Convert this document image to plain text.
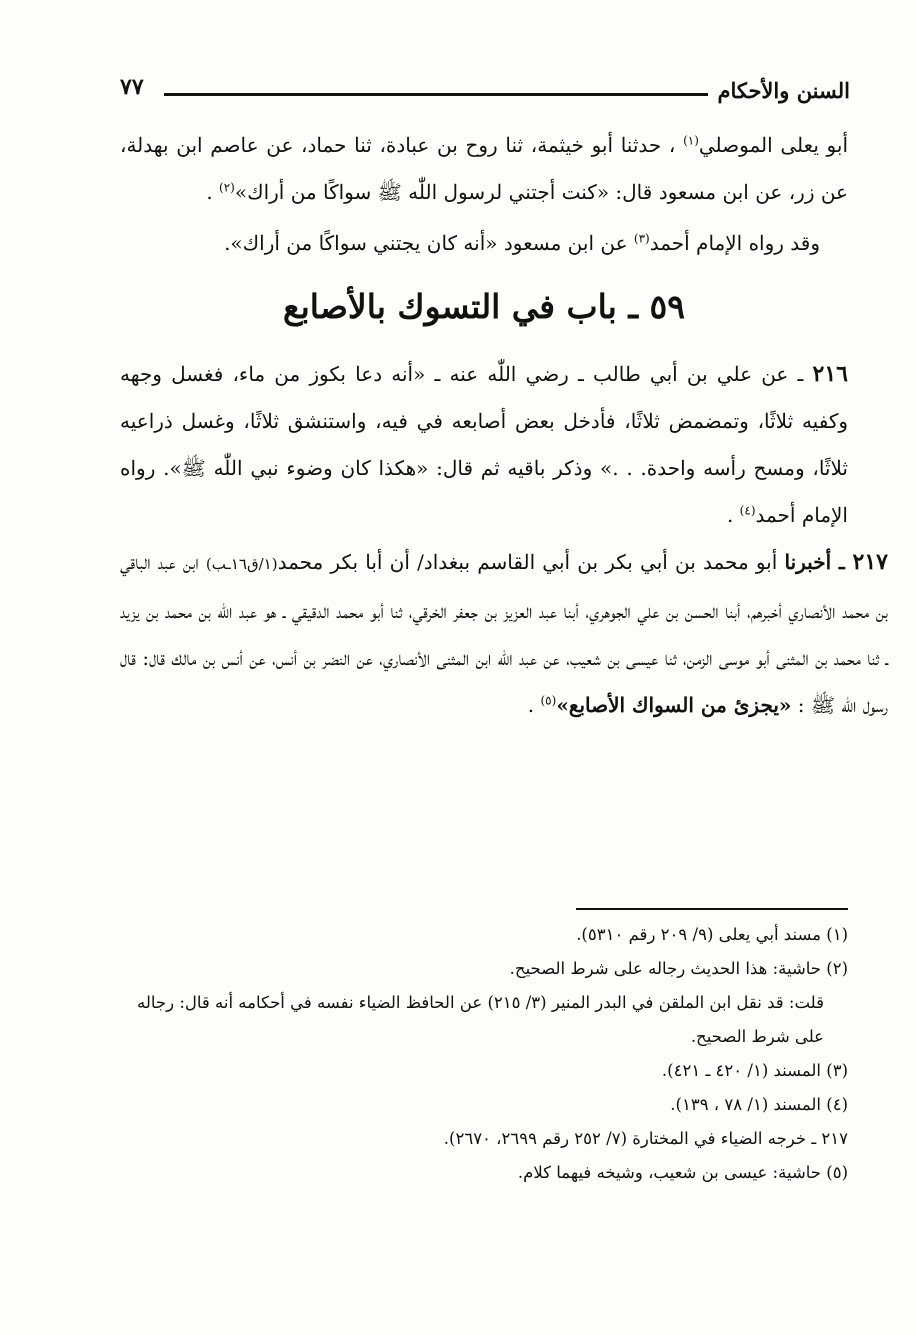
السنن والأحكام
٧٧

أبو يعلى الموصلي$^{(١)}$ ، حدثنا أبو خيثمة، ثنا روح بن عبادة، ثنا حماد، عن عاصم ابن بهدلة، عن زر، عن ابن مسعود قال: «كنت أجتني لرسول اللّٰه ﷺ سواكًا من أراك»$^{(٢)}$ .

وقد رواه الإمام أحمد$^{(٣)}$ عن ابن مسعود «أنه كان يجتني سواكًا من أراك».

٥٩ ـ باب في التسوك بالأصابع

٢١٦ ـ عن علي بن أبي طالب ـ رضي اللّٰه عنه ـ «أنه دعا بكوز من ماء، فغسل وجهه وكفيه ثلاثًا، وتمضمض ثلاثًا، فأدخل بعض أصابعه في فيه، واستنشق ثلاثًا، وغسل ذراعيه ثلاثًا، ومسح رأسه واحدة. . .» وذكر باقيه ثم قال: «هكذا كان وضوء نبي اللّٰه ﷺ». رواه الإمام أحمد$^{(٤)}$ .

٢١٧ ـ أخبرنا أبو محمد بن أبي بكر بن أبي القاسم ببغداد/ أن أبا بكر محمد(١/ق١٦ـب) ابن عبد الباقي بن محمد الأنصاري أخبرهم، أبنا الحسن بن علي الجوهري، أبنا عبد العزيز بن جعفر الخرقي، ثنا أبو محمد الدقيقي ـ هو عبد اللّٰه بن محمد بن يزيد ـ ثنا محمد بن المثنى أبو موسى الزمن، ثنا عيسى بن شعيب، عن عبد اللّٰه ابن المثنى الأنصاري، عن النضر بن أنس، عن أنس بن مالك قال: قال رسول اللّٰه ﷺ : «يجزئ من السواك الأصابع»$^{(٥)}$ .

(١) مسند أبي يعلى (٩/ ٢٠٩ رقم ٥٣١٠).

(٢) حاشية: هذا الحديث رجاله على شرط الصحيح.

قلت: قد نقل ابن الملقن في البدر المنير (٣/ ٢١٥) عن الحافظ الضياء نفسه في أحكامه أنه قال: رجاله على شرط الصحيح.

(٣) المسند (١/ ٤٢٠ ـ ٤٢١).

(٤) المسند (١/ ٧٨ ، ١٣٩).

٢١٧ ـ خرجه الضياء في المختارة (٧/ ٢٥٢ رقم ٢٦٩٩، ٢٦٧٠).

(٥) حاشية: عيسى بن شعيب، وشيخه فيهما كلام.
